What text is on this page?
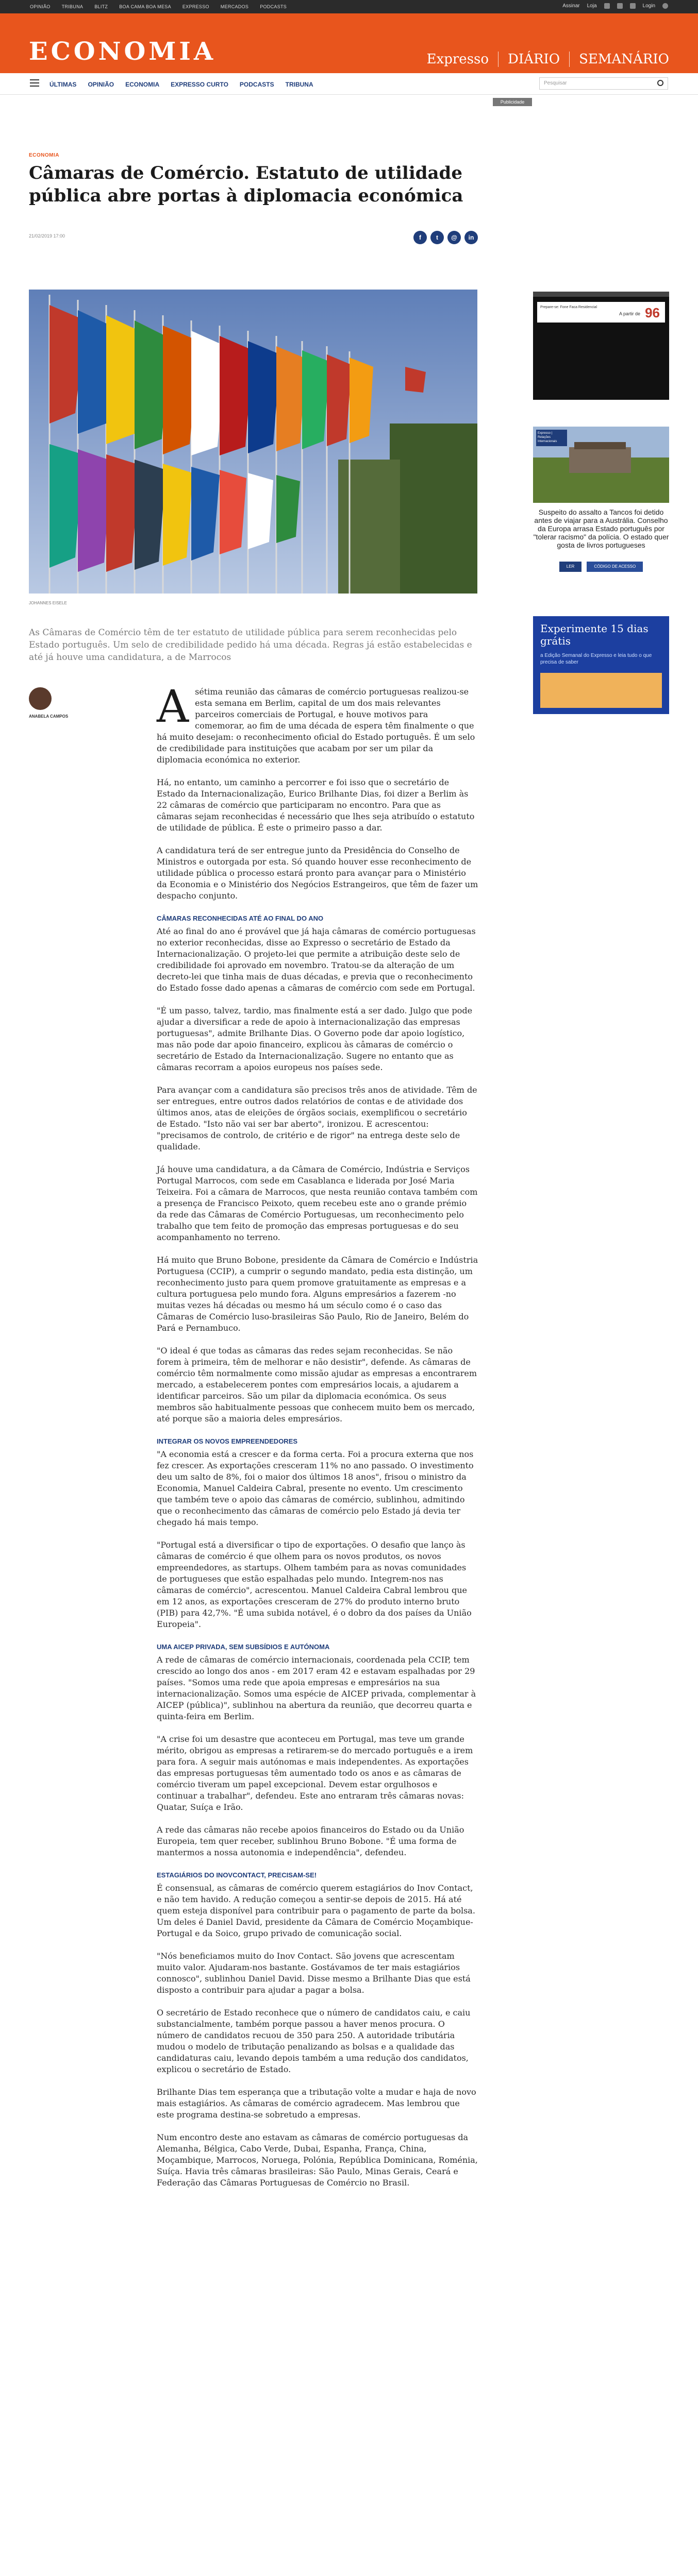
OPINIÃO TRIBUNA BLITZ BOA CAMA BOA MESA EXPRESSO MERCADOS PODCASTS	Assinar Loja	Login
ECONOMIA	Expresso DIÁRIO SEMANÁRIO
ÚLTIMAS OPINIÃO ECONOMIA EXPRESSO CURTO PODCASTS TRIBUNA	Pesquisar
Publicidade
ECONOMIA
Câmaras de Comércio. Estatuto de utilidade pública abre portas à diplomacia económica
21/02/2019 17:00	f	t	@	in
JOHANNES EISELE

As Câmaras de Comércio têm de ter estatuto de utilidade pública para serem reconhecidas pelo Estado português. Um selo de credibilidade pedido há uma década. Regras já estão estabelecidas e até já houve uma candidatura, a de Marrocos

ANABELA CAMPOS	Asétima reunião das câmaras de comércio portuguesas realizou-se esta semana em Berlim, capital de um dos mais relevantes parceiros comerciais de Portugal, e houve motivos para comemorar, ao fim de uma década de espera têm finalmente o que há muito desejam: o reconhecimento oficial do Estado português. É um selo de credibilidade para instituições que acabam por ser um pilar da diplomacia económica no exterior.

Há, no entanto, um caminho a percorrer e foi isso que o secretário de Estado da Internacionalização, Eurico Brilhante Dias, foi dizer a Berlim às 22 câmaras de comércio que participaram no encontro. Para que as câmaras sejam reconhecidas é necessário que lhes seja atribuído o estatuto de utilidade de pública. É este o primeiro passo a dar.

A candidatura terá de ser entregue junto da Presidência do Conselho de Ministros e outorgada por esta. Só quando houver esse reconhecimento de utilidade pública o processo estará pronto para avançar para o Ministério da Economia e o Ministério dos Negócios Estrangeiros, que têm de fazer um despacho conjunto.

CÂMARAS RECONHECIDAS ATÉ AO FINAL DO ANO

Até ao final do ano é provável que já haja câmaras de comércio portuguesas no exterior reconhecidas, disse ao Expresso o secretário de Estado da Internacionalização. O projeto-lei que permite a atribuição deste selo de credibilidade foi aprovado em novembro. Tratou-se da alteração de um decreto-lei que tinha mais de duas décadas, e previa que o reconhecimento do Estado fosse dado apenas a câmaras de comércio com sede em Portugal.

"É um passo, talvez, tardio, mas finalmente está a ser dado. Julgo que pode ajudar a diversificar a rede de apoio à internacionalização das empresas portuguesas", admite Brilhante Dias. O Governo pode dar apoio logístico, mas não pode dar apoio financeiro, explicou às câmaras de comércio o secretário de Estado da Internacionalização. Sugere no entanto que as câmaras recorram a apoios europeus nos países sede.

Para avançar com a candidatura são precisos três anos de atividade. Têm de ser entregues, entre outros dados relatórios de contas e de atividade dos últimos anos, atas de eleições de órgãos sociais, exemplificou o secretário de Estado. "Isto não vai ser bar aberto", ironizou. E acrescentou: "precisamos de controlo, de critério e de rigor" na entrega deste selo de qualidade.

Já houve uma candidatura, a da Câmara de Comércio, Indústria e Serviços Portugal Marrocos, com sede em Casablanca e liderada por José Maria Teixeira. Foi a câmara de Marrocos, que nesta reunião contava também com a presença de Francisco Peixoto, quem recebeu este ano o grande prémio da rede das Câmaras de Comércio Portuguesas, um reconhecimento pelo trabalho que tem feito de promoção das empresas portuguesas e do seu acompanhamento no terreno.

Há muito que Bruno Bobone, presidente da Câmara de Comércio e Indústria Portuguesa (CCIP), a cumprir o segundo mandato, pedia esta distinção, um reconhecimento justo para quem promove gratuitamente as empresas e a cultura portuguesa pelo mundo fora. Alguns empresários a fazerem -no muitas vezes há décadas ou mesmo há um século como é o caso das Câmaras de Comércio luso-brasileiras São Paulo, Rio de Janeiro, Belém do Pará e Pernambuco.

"O ideal é que todas as câmaras das redes sejam reconhecidas. Se não forem à primeira, têm de melhorar e não desistir", defende. As câmaras de comércio têm normalmente como missão ajudar as empresas a encontrarem mercado, a estabelecerem pontes com empresários locais, a ajudarem a identificar parceiros. São um pilar da diplomacia económica. Os seus membros são habitualmente pessoas que conhecem muito bem os mercado, até porque são a maioria deles empresários.

INTEGRAR OS NOVOS EMPREENDEDORES

"A economia está a crescer e da forma certa. Foi a procura externa que nos fez crescer. As exportações cresceram 11% no ano passado. O investimento deu um salto de 8%, foi o maior dos últimos 18 anos", frisou o ministro da Economia, Manuel Caldeira Cabral, presente no evento. Um crescimento que também teve o apoio das câmaras de comércio, sublinhou, admitindo que o reconhecimento das câmaras de comércio pelo Estado já devia ter chegado há mais tempo.

"Portugal está a diversificar o tipo de exportações. O desafio que lanço às câmaras de comércio é que olhem para os novos produtos, os novos empreendedores, as startups. Olhem também para as novas comunidades de portugueses que estão espalhadas pelo mundo. Integrem-nos nas câmaras de comércio", acrescentou. Manuel Caldeira Cabral lembrou que em 12 anos, as exportações cresceram de 27% do produto interno bruto (PIB) para 42,7%. "É uma subida notável, é o dobro da dos países da União Europeia".

UMA AICEP PRIVADA, SEM SUBSÍDIOS E AUTÓNOMA

A rede de câmaras de comércio internacionais, coordenada pela CCIP, tem crescido ao longo dos anos - em 2017 eram 42 e estavam espalhadas por 29 países. "Somos uma rede que apoia empresas e empresários na sua internacionalização. Somos uma espécie de AICEP privada, complementar à AICEP (pública)", sublinhou na abertura da reunião, que decorreu quarta e quinta-feira em Berlim.

"A crise foi um desastre que aconteceu em Portugal, mas teve um grande mérito, obrigou as empresas a retirarem-se do mercado português e a irem para fora. A seguir mais autónomas e mais independentes. As exportações das empresas portuguesas têm aumentado todo os anos e as câmaras de comércio tiveram um papel excepcional. Devem estar orgulhosos e continuar a trabalhar", defendeu. Este ano entraram três câmaras novas: Quatar, Suíça e Irão.

A rede das câmaras não recebe apoios financeiros do Estado ou da União Europeia, tem quer receber, sublinhou Bruno Bobone. "É uma forma de mantermos a nossa autonomia e independência", defendeu.

ESTAGIÁRIOS DO INOVCONTACT, PRECISAM-SE!

É consensual, as câmaras de comércio querem estagiários do Inov Contact, e não tem havido. A redução começou a sentir-se depois de 2015. Há até quem esteja disponível para contribuir para o pagamento de parte da bolsa. Um deles é Daniel David, presidente da Câmara de Comércio Moçambique-Portugal e da Soico, grupo privado de comunicação social.

"Nós beneficiamos muito do Inov Contact. São jovens que acrescentam muito valor. Ajudaram-nos bastante. Gostávamos de ter mais estagiários connosco", sublinhou Daniel David. Disse mesmo a Brilhante Dias que está disposto a contribuir para ajudar a pagar a bolsa.

O secretário de Estado reconhece que o número de candidatos caiu, e caiu substancialmente, também porque passou a haver menos procura. O número de candidatos recuou de 350 para 250. A autoridade tributária mudou o modelo de tributação penalizando as bolsas e a qualidade das candidaturas caiu, levando depois também a uma redução dos candidatos, explicou o secretário de Estado.

Brilhante Dias tem esperança que a tributação volte a mudar e haja de novo mais estagiários. As câmaras de comércio agradecem. Mas lembrou que este programa destina-se sobretudo a empresas.

Num encontro deste ano estavam as câmaras de comércio portuguesas da Alemanha, Bélgica, Cabo Verde, Dubai, Espanha, França, China, Moçambique, Marrocos, Noruega, Polónia, República Dominicana, Roménia, Suíça. Havia três câmaras brasileiras: São Paulo, Minas Gerais, Ceará e Federação das Câmaras Portuguesas de Comércio no Brasil.

Prepare-se: Fone Faca Residencial
A partir de 96
Expresso | Relações Internacionais
Suspeito do assalto a Tancos foi detido antes de viajar para a Austrália. Conselho da Europa arrasa Estado português por "tolerar racismo" da polícia. O estado quer gosta de livros portugueses
LER	CÓDIGO DE ACESSO
Experimente 15 dias grátis
a Edição Semanal do Expresso e leia tudo o que precisa de saber
